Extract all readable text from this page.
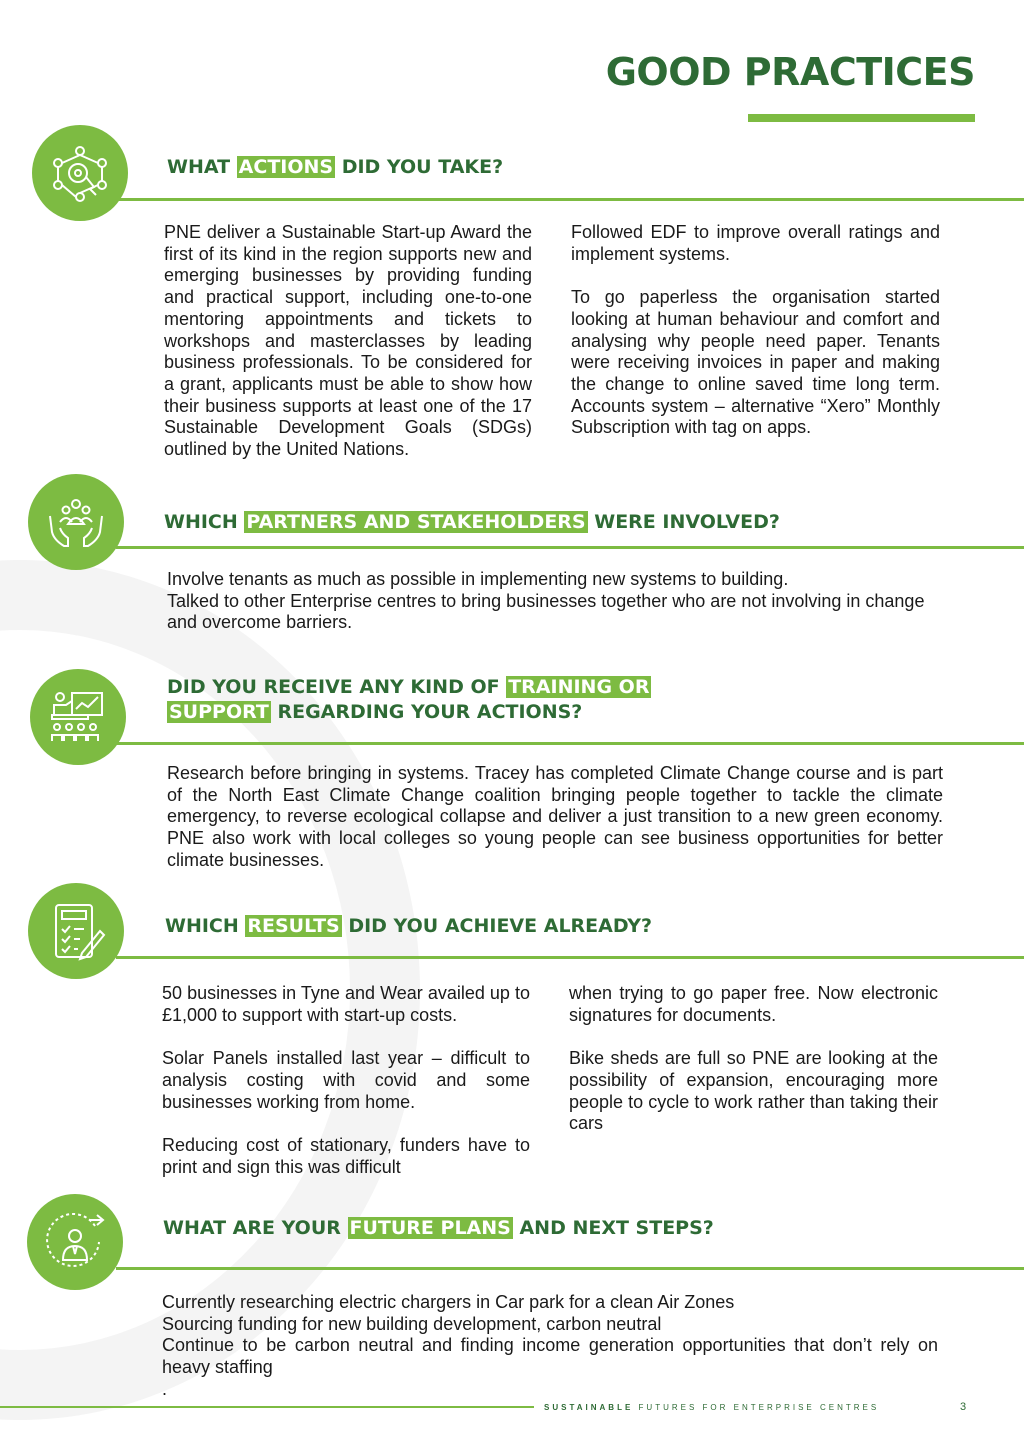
GOOD PRACTICES
WHAT ACTIONS DID YOU TAKE?

PNE deliver a Sustainable Start-up Award the first of its kind in the region supports new and emerging businesses by providing funding and practical support, including one-to-one mentoring appointments and tickets to workshops and masterclasses by leading business professionals. To be considered for a grant, applicants must be able to show how their business supports at least one of the 17 Sustainable Development Goals (SDGs) outlined by the United Nations.

Followed EDF to improve overall ratings and implement systems.

To go paperless the organisation started looking at human behaviour and comfort and analysing why people need paper. Tenants were receiving invoices in paper and making the change to online saved time long term. Accounts system – alternative “Xero” Monthly Subscription with tag on apps.

WHICH PARTNERS AND STAKEHOLDERS WERE INVOLVED?
Involve tenants as much as possible in implementing new systems to building.
Talked to other Enterprise centres to bring businesses together who are not involving in change and overcome barriers.
DID YOU RECEIVE ANY KIND OF TRAINING OR
SUPPORT REGARDING YOUR ACTIONS?

Research before bringing in systems. Tracey has completed Climate Change course and is part of the North East Climate Change coalition bringing people together to tackle the climate emergency, to reverse ecological collapse and deliver a just transition to a new green economy. PNE also work with local colleges so young people can see business opportunities for better climate businesses.

WHICH RESULTS DID YOU ACHIEVE ALREADY?

50 businesses in Tyne and Wear availed up to £1,000 to support with start-up costs.

Solar Panels installed last year – difficult to analysis costing with covid and some businesses working from home.

Reducing cost of stationary, funders have to print and sign this was difficult

when trying to go paper free. Now electronic signatures for documents.

Bike sheds are full so PNE are looking at the possibility of expansion, encouraging more people to cycle to work rather than taking their cars

WHAT ARE YOUR FUTURE PLANS AND NEXT STEPS?
Currently researching electric chargers in Car park for a clean Air Zones
Sourcing funding for new building development, carbon neutral
Continue to be carbon neutral and finding income generation opportunities that don’t rely on heavy staffing
.
SUSTAINABLE FUTURES FOR ENTERPRISE CENTRES	3
